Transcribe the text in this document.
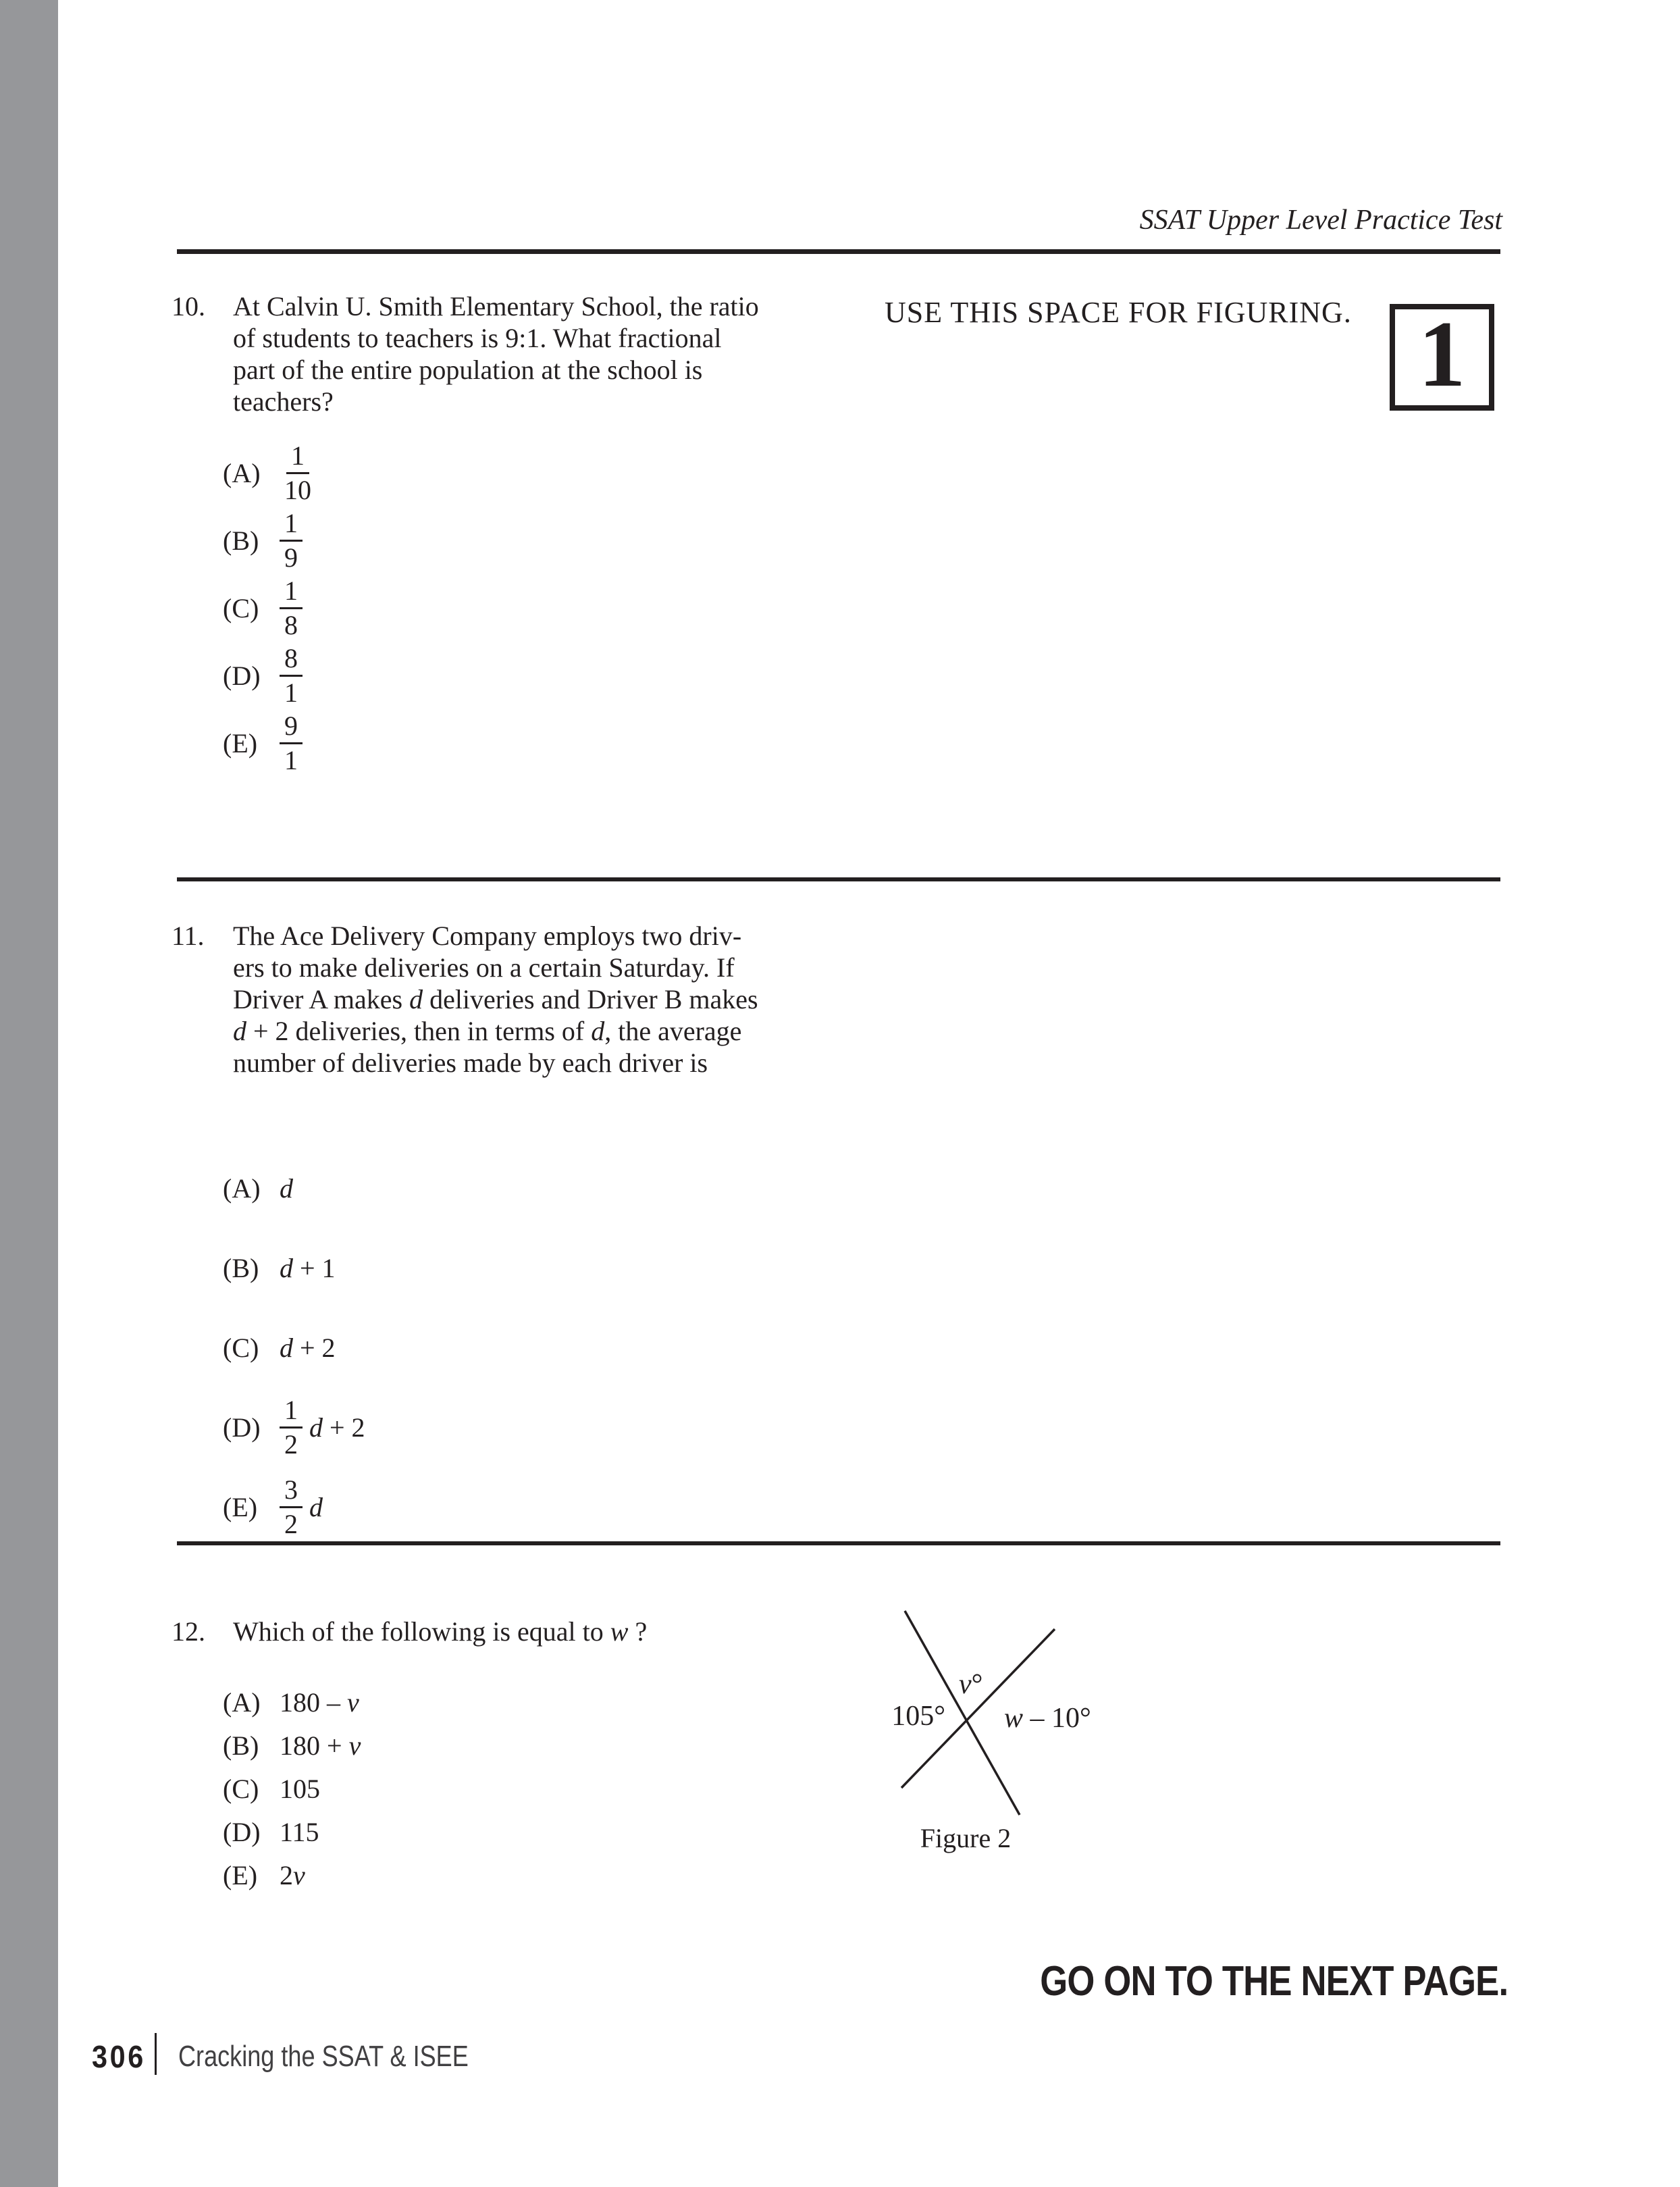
SSAT Upper Level Practice Test
USE THIS SPACE FOR FIGURING. 1
10. At Calvin U. Smith Elementary School, the ratio
of students to teachers is 9:1. What fractional
part of the entire population at the school is
teachers?
$(A) \frac{1}{10}$
$(B) \frac{1}{9}$
$(C) \frac{1}{8}$
$(D) \frac{8}{1}$
$(E) \frac{9}{1}$
11. The Ace Delivery Company employs two driv-
ers to make deliveries on a certain Saturday. If
Driver A makes d deliveries and Driver B makes
d + 2 deliveries, then in terms of d, the average
number of deliveries made by each driver is
(A) d
(B) d + 1
(C) d + 2
$(D) \frac{1}{2}$ d + 2
$(E) \frac{3}{2}$ d
12. Which of the following is equal to w ?
(A) 180 – v
(B) 180 + v
(C) 105
(D) 115
(E) 2v
105°
v°
w – 10°
Figure 2
GO ON TO THE NEXT PAGE.
306 Cracking the SSAT & ISEE
